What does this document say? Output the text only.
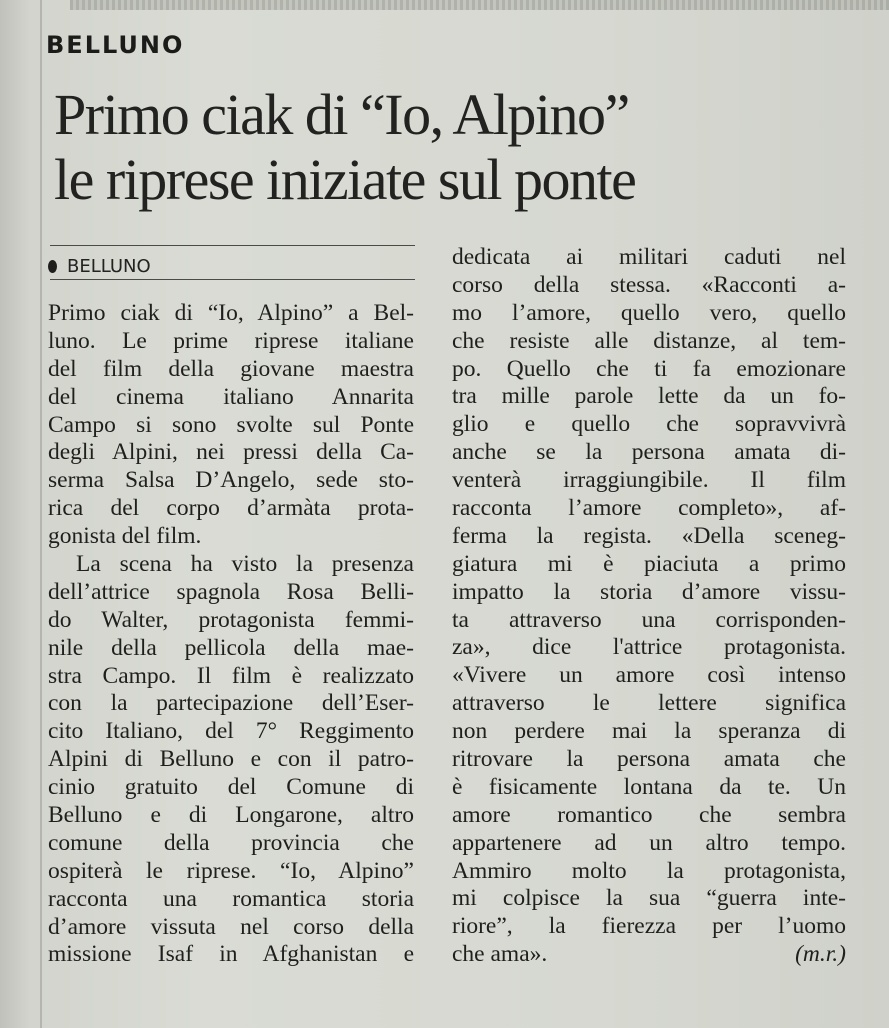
BELLUNO
Primo ciak di “Io, Alpino”
le riprese iniziate sul ponte
BELLUNO
Primo ciak di “Io, Alpino” a Bel-
luno. Le prime riprese italiane
del film della giovane maestra
del cinema italiano Annarita
Campo si sono svolte sul Ponte
degli Alpini, nei pressi della Ca-
serma Salsa D’Angelo, sede sto-
rica del corpo d’armàta prota-
gonista del film.
La scena ha visto la presenza
dell’attrice spagnola Rosa Belli-
do Walter, protagonista femmi-
nile della pellicola della mae-
stra Campo. Il film è realizzato
con la partecipazione dell’Eser-
cito Italiano, del 7° Reggimento
Alpini di Belluno e con il patro-
cinio gratuito del Comune di
Belluno e di Longarone, altro
comune della provincia che
ospiterà le riprese. “Io, Alpino”
racconta una romantica storia
d’amore vissuta nel corso della
missione Isaf in Afghanistan e
dedicata ai militari caduti nel
corso della stessa. «Racconti a-
mo l’amore, quello vero, quello
che resiste alle distanze, al tem-
po. Quello che ti fa emozionare
tra mille parole lette da un fo-
glio e quello che sopravvivrà
anche se la persona amata di-
venterà irraggiungibile. Il film
racconta l’amore completo», af-
ferma la regista. «Della sceneg-
giatura mi è piaciuta a primo
impatto la storia d’amore vissu-
ta attraverso una corrisponden-
za», dice l'attrice protagonista.
«Vivere un amore così intenso
attraverso le lettere significa
non perdere mai la speranza di
ritrovare la persona amata che
è fisicamente lontana da te. Un
amore romantico che sembra
appartenere ad un altro tempo.
Ammiro molto la protagonista,
mi colpisce la sua “guerra inte-
riore”, la fierezza per l’uomo
che ama».	(m.r.)
